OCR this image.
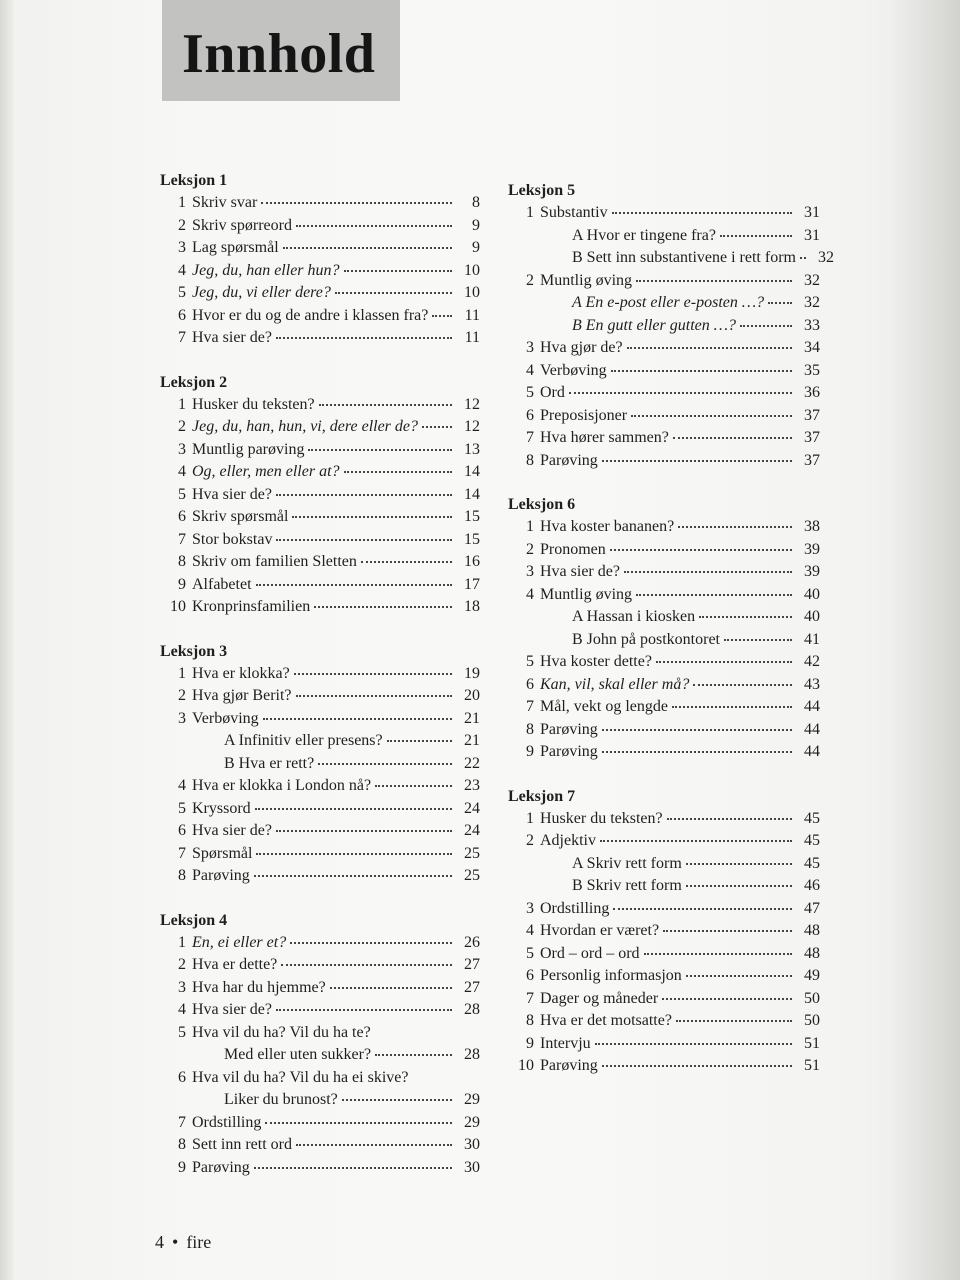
Innhold
Leksjon 1
1 Skriv svar	8
2 Skriv spørreord	9
3 Lag spørsmål	9
4 Jeg, du, han eller hun?	10
5 Jeg, du, vi eller dere?	10
6 Hvor er du og de andre i klassen fra?	11
7 Hva sier de?	11
Leksjon 2
1 Husker du teksten?	12
2 Jeg, du, han, hun, vi, dere eller de?	12
3 Muntlig parøving	13
4 Og, eller, men eller at?	14
5 Hva sier de?	14
6 Skriv spørsmål	15
7 Stor bokstav	15
8 Skriv om familien Sletten	16
9 Alfabetet	17
10 Kronprinsfamilien	18
Leksjon 3
1 Hva er klokka?	19
2 Hva gjør Berit?	20
3 Verbøving	21
A Infinitiv eller presens?	21
B Hva er rett?	22
4 Hva er klokka i London nå?	23
5 Kryssord	24
6 Hva sier de?	24
7 Spørsmål	25
8 Parøving	25
Leksjon 4
1 En, ei eller et?	26
2 Hva er dette?	27
3 Hva har du hjemme?	27
4 Hva sier de?	28
5 Hva vil du ha? Vil du ha te?
Med eller uten sukker?	28
6 Hva vil du ha? Vil du ha ei skive?
Liker du brunost?	29
7 Ordstilling	29
8 Sett inn rett ord	30
9 Parøving	30
Leksjon 5
1 Substantiv	31
A Hvor er tingene fra?	31
B Sett inn substantivene i rett form	32
2 Muntlig øving	32
A En e-post eller e-posten …?	32
B En gutt eller gutten …?	33
3 Hva gjør de?	34
4 Verbøving	35
5 Ord	36
6 Preposisjoner	37
7 Hva hører sammen?	37
8 Parøving	37
Leksjon 6
1 Hva koster bananen?	38
2 Pronomen	39
3 Hva sier de?	39
4 Muntlig øving	40
A Hassan i kiosken	40
B John på postkontoret	41
5 Hva koster dette?	42
6 Kan, vil, skal eller må?	43
7 Mål, vekt og lengde	44
8 Parøving	44
9 Parøving	44
Leksjon 7
1 Husker du teksten?	45
2 Adjektiv	45
A Skriv rett form	45
B Skriv rett form	46
3 Ordstilling	47
4 Hvordan er været?	48
5 Ord – ord – ord	48
6 Personlig informasjon	49
7 Dager og måneder	50
8 Hva er det motsatte?	50
9 Intervju	51
10 Parøving	51
4 • fire
